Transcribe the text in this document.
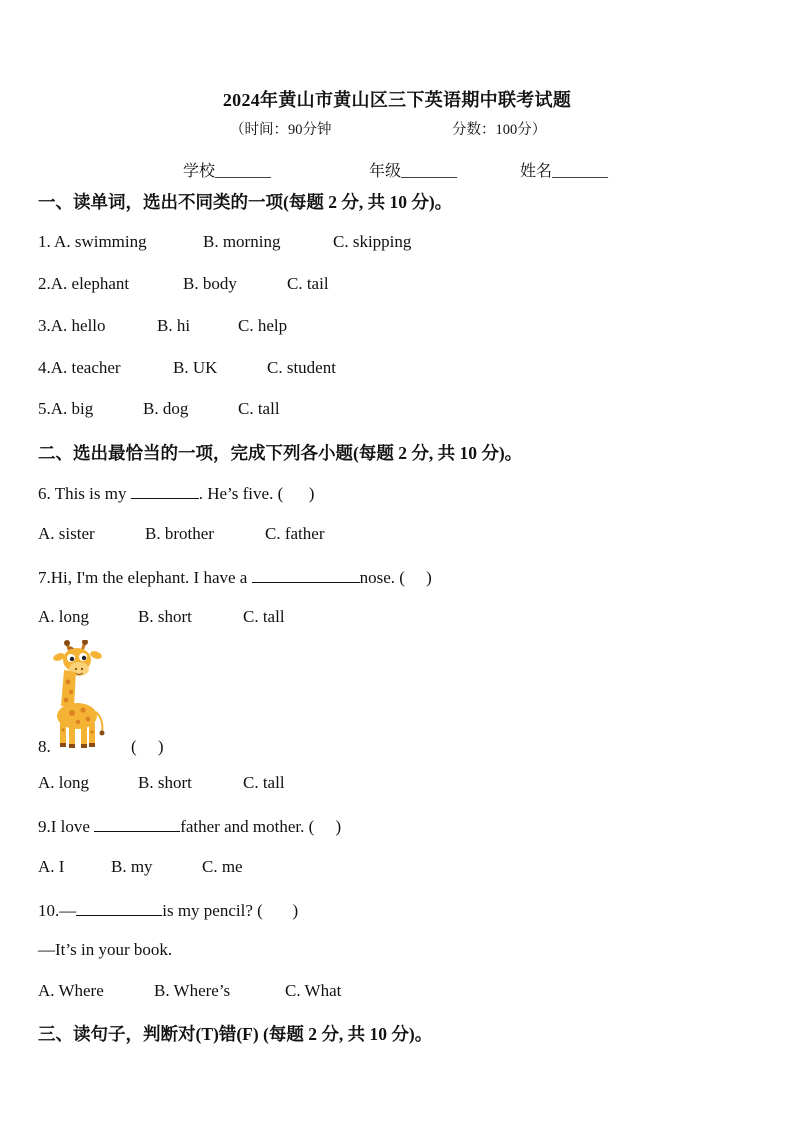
2024年黄山市黄山区三下英语期中联考试题
（时间：90分钟	分数：100分）
学校_______	年级_______	姓名_______
一、读单词，选出不同类的一项(每题 2 分, 共 10 分)。
1. A. swimming	B. morning	C. skipping
2.A. elephant	B. body	C. tail
3.A. hello	B. hi	C. help
4.A. teacher	B. UK	C. student
5.A. big	B. dog	C. tall
二、选出最恰当的一项，完成下列各小题(每题 2 分, 共 10 分)。
6. This is my	. He’s five. (      )
A. sister	B. brother	C. father
7.Hi, I'm the elephant. I have a	nose. (     )
A. long	B. short	C. tall
8.	(     )
A. long	B. short	C. tall
9.I love	father and mother. (     )
A. I	B. my	C. me
10.—	is my pencil? (       )
—It’s in your book.
A. Where	B. Where’s	C. What
三、读句子，判断对(T)错(F) (每题 2 分, 共 10 分)。
